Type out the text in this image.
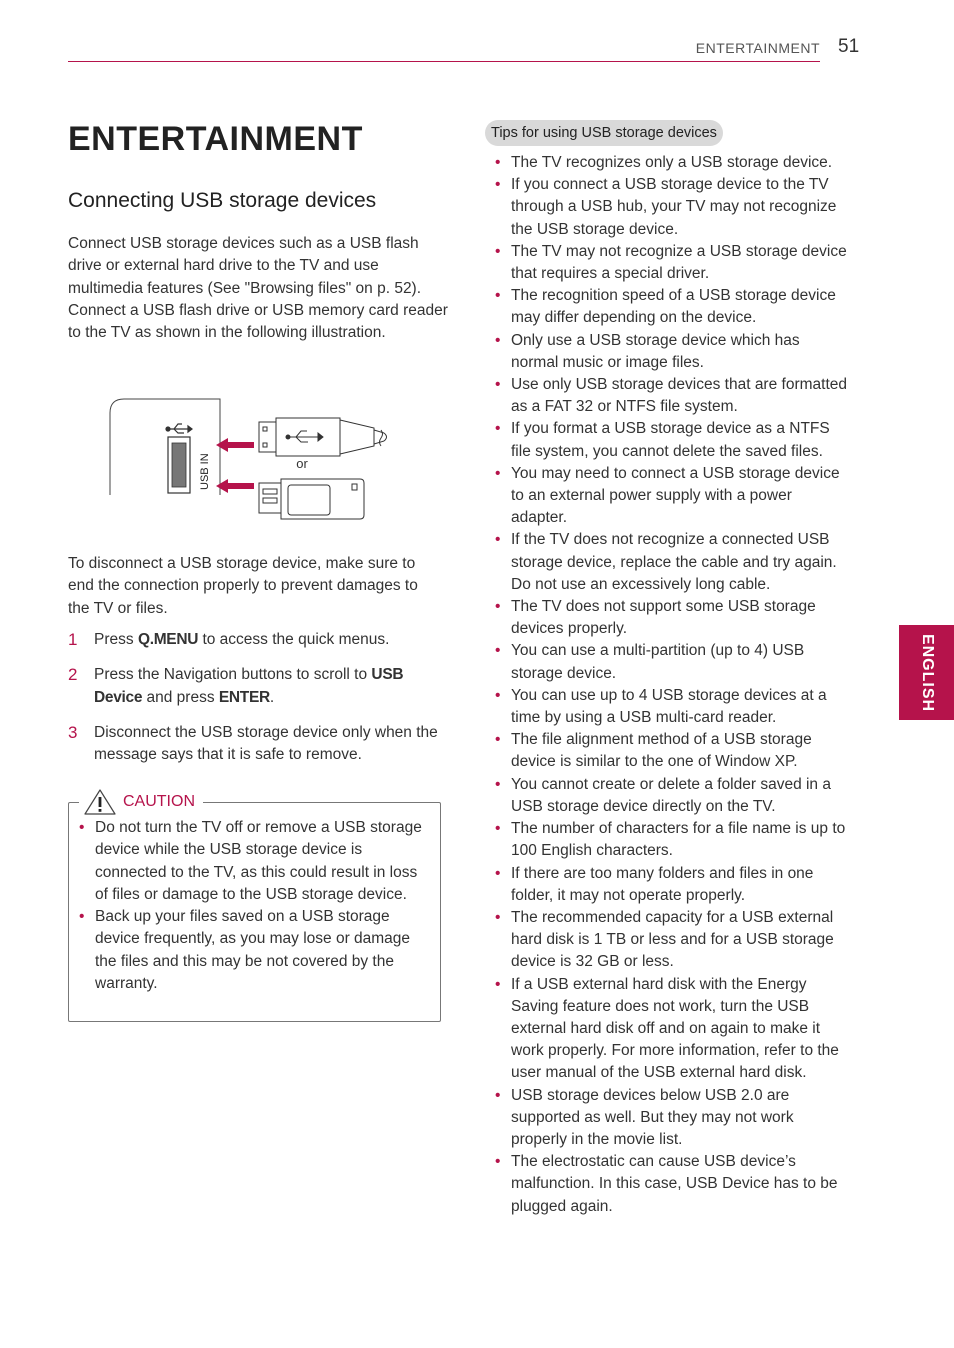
ENTERTAINMENT 51
ENGLISH
ENTERTAINMENT
Connecting USB storage devices

Connect USB storage devices such as a USB flash drive or external hard drive to the TV and use multimedia features (See "Browsing files" on p. 52). Connect a USB flash drive or USB memory card reader to the TV as shown in the following illustration.

USB IN	or

To disconnect a USB storage device, make sure to end the connection properly to prevent damages to the TV or files.

1 Press Q.MENU to access the quick menus.
2 Press the Navigation buttons to scroll to USB Device and press ENTER.
3 Disconnect the USB storage device only when the message says that it is safe to remove.
CAUTION
• Do not turn the TV off or remove a USB storage device while the USB storage device is connected to the TV, as this could result in loss of files or damage to the USB storage device.
• Back up your files saved on a USB storage device frequently, as you may lose or damage the files and this may be not covered by the warranty.
Tips for using USB storage devices
• The TV recognizes only a USB storage device.
• If you connect a USB storage device to the TV through a USB hub, your TV may not recognize the USB storage device.
• The TV may not recognize a USB storage device that requires a special driver.
• The recognition speed of a USB storage device may differ depending on the device.
• Only use a USB storage device which has normal music or image files.
• Use only USB storage devices that are formatted as a FAT 32 or NTFS file system.
• If you format a USB storage device as a NTFS file system, you cannot delete the saved files.
• You may need to connect a USB storage device to an external power supply with a power adapter.
• If the TV does not recognize a connected USB storage device, replace the cable and try again. Do not use an excessively long cable.
• The TV does not support some USB storage devices properly.
• You can use a multi-partition (up to 4) USB storage device.
• You can use up to 4 USB storage devices at a time by using a USB multi-card reader.
• The file alignment method of a USB storage device is similar to the one of Window XP.
• You cannot create or delete a folder saved in a USB storage device directly on the TV.
• The number of characters for a file name is up to 100 English characters.
• If there are too many folders and files in one folder, it may not operate properly.
• The recommended capacity for a USB external hard disk is 1 TB or less and for a USB storage device is 32 GB or less.
• If a USB external hard disk with the Energy Saving feature does not work, turn the USB external hard disk off and on again to make it work properly. For more information, refer to the user manual of the USB external hard disk.
• USB storage devices below USB 2.0 are supported as well. But they may not work properly in the movie list.
• The electrostatic can cause USB device’s malfunction. In this case, USB Device has to be plugged again.
